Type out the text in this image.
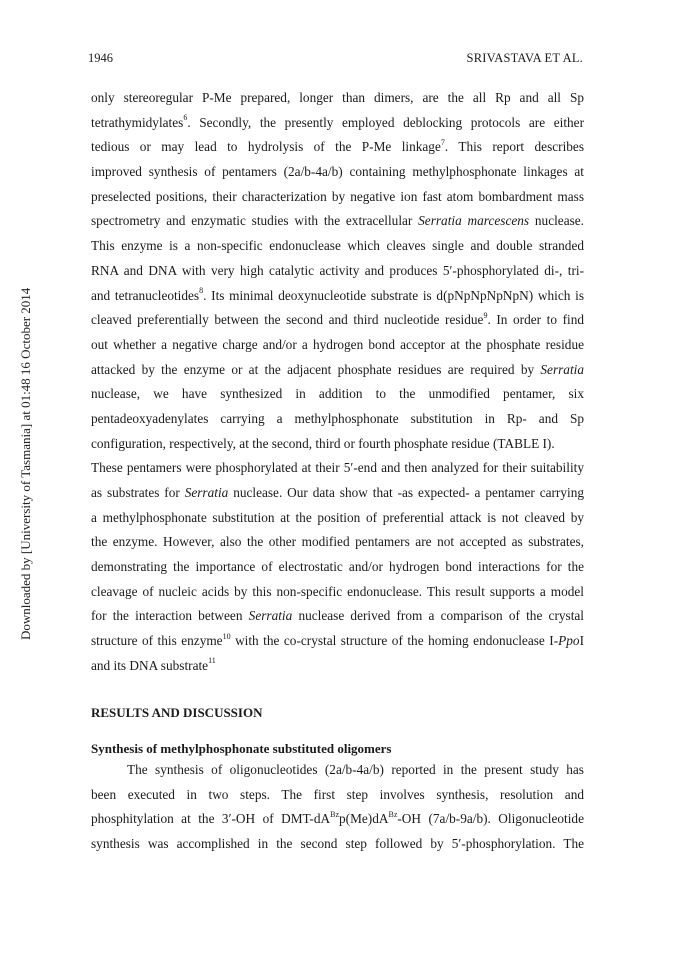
1946	SRIVASTAVA ET AL.
Downloaded by [University of Tasmania] at 01:48 16 October 2014
only stereoregular P-Me prepared, longer than dimers, are the all Rp and all Sp
tetrathymidylates$^6$. Secondly, the presently employed deblocking protocols are either
tedious or may lead to hydrolysis of the P-Me linkage$^7$. This report describes
improved synthesis of pentamers (2a/b-4a/b) containing methylphosphonate linkages at
preselected positions, their characterization by negative ion fast atom bombardment mass
spectrometry and enzymatic studies with the extracellular Serratia marcescens nuclease.
This enzyme is a non-specific endonuclease which cleaves single and double stranded
RNA and DNA with very high catalytic activity and produces 5′-phosphorylated di-, tri-
and tetranucleotides$^8$. Its minimal deoxynucleotide substrate is d(pNpNpNpNpN) which is
cleaved preferentially between the second and third nucleotide residue$^9$. In order to find
out whether a negative charge and/or a hydrogen bond acceptor at the phosphate residue
attacked by the enzyme or at the adjacent phosphate residues are required by Serratia
nuclease, we have synthesized in addition to the unmodified pentamer, six
pentadeoxyadenylates carrying a methylphosphonate substitution in Rp- and Sp
configuration, respectively, at the second, third or fourth phosphate residue (TABLE I).
These pentamers were phosphorylated at their 5′-end and then analyzed for their suitability
as substrates for Serratia nuclease. Our data show that -as expected- a pentamer carrying
a methylphosphonate substitution at the position of preferential attack is not cleaved by
the enzyme. However, also the other modified pentamers are not accepted as substrates,
demonstrating the importance of electrostatic and/or hydrogen bond interactions for the
cleavage of nucleic acids by this non-specific endonuclease. This result supports a model
for the interaction between Serratia nuclease derived from a comparison of the crystal
structure of this enzyme$^{10}$ with the co-crystal structure of the homing endonuclease I-PpoI
and its DNA substrate$^{11}$
RESULTS AND DISCUSSION
Synthesis of methylphosphonate substituted oligomers
The synthesis of oligonucleotides (2a/b-4a/b) reported in the present study has
been executed in two steps. The first step involves synthesis, resolution and
phosphitylation at the 3′-OH of DMT-$dA^{Bz}p(Me)dA^{Bz}-OH$ (7a/b-9a/b). Oligonucleotide
synthesis was accomplished in the second step followed by 5′-phosphorylation. The
